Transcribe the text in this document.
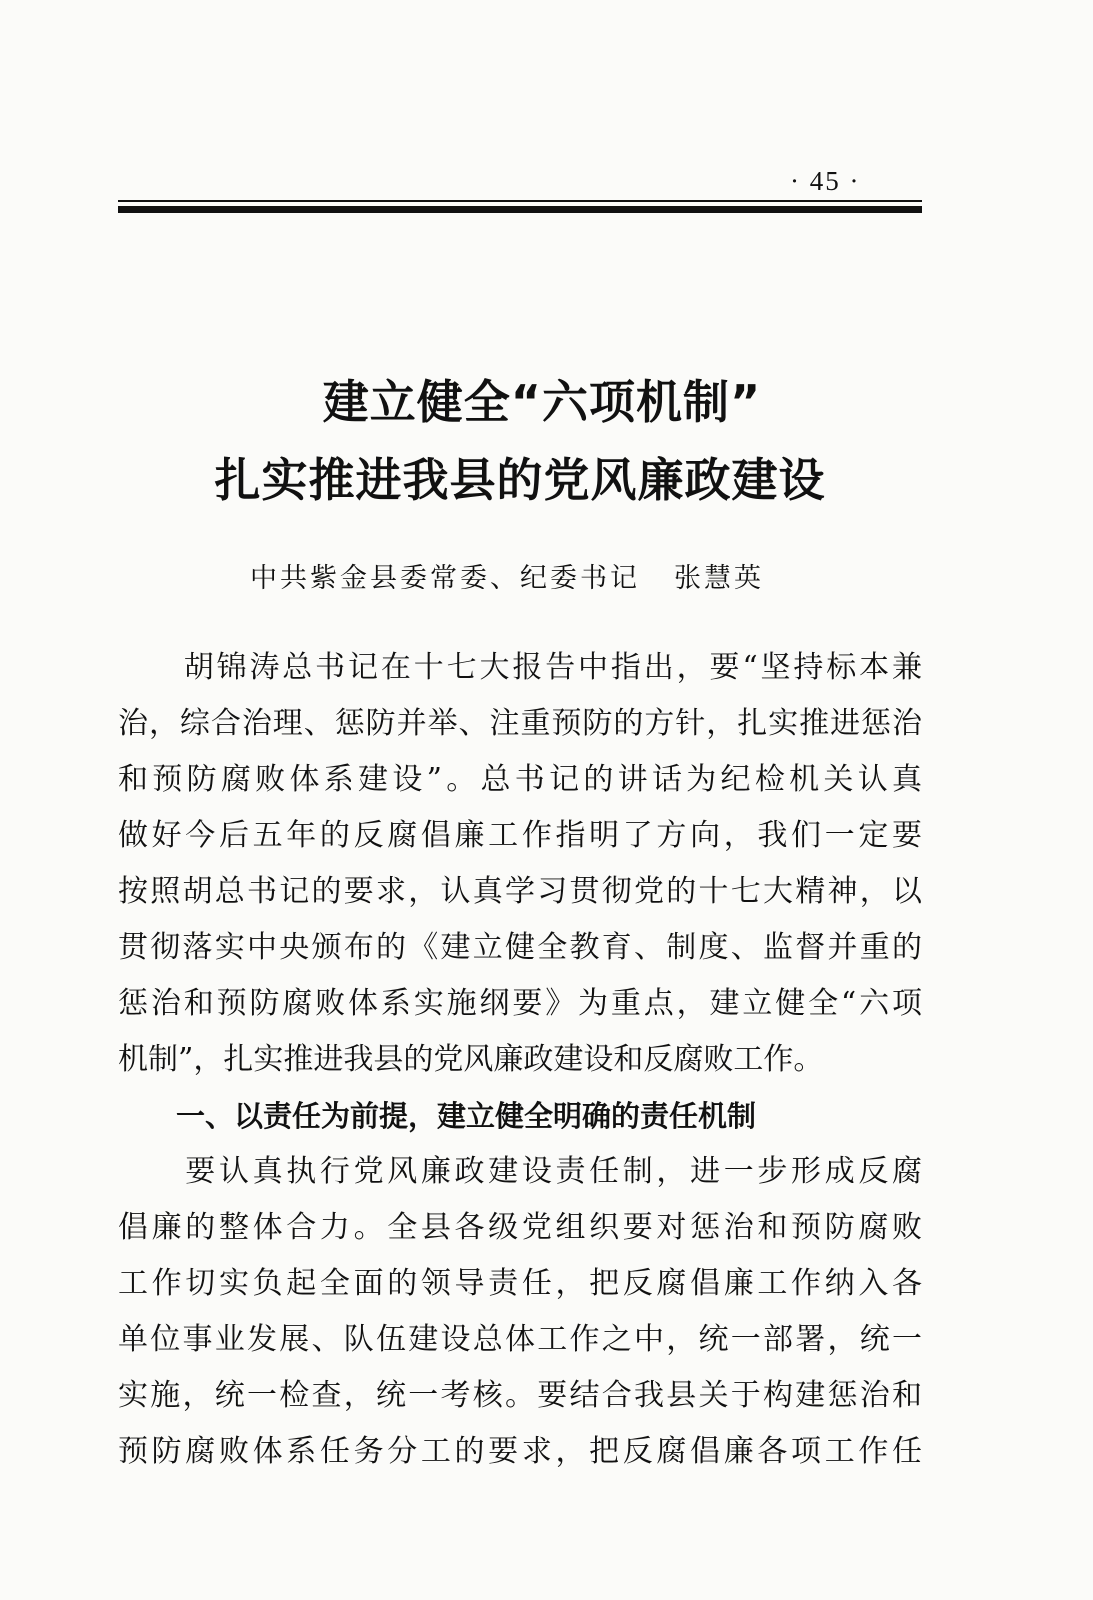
· 45 ·
建立健全“六项机制”
扎实推进我县的党风廉政建设
中共紫金县委常委、纪委书记 张慧英
　　胡锦涛总书记在十七大报告中指出，要“坚持标本兼
治，综合治理、惩防并举、注重预防的方针，扎实推进惩治
和预防腐败体系建设”。总书记的讲话为纪检机关认真
做好今后五年的反腐倡廉工作指明了方向，我们一定要
按照胡总书记的要求，认真学习贯彻党的十七大精神，以
贯彻落实中央颁布的《建立健全教育、制度、监督并重的
惩治和预防腐败体系实施纲要》为重点，建立健全“六项
机制”，扎实推进我县的党风廉政建设和反腐败工作。
　　一、以责任为前提，建立健全明确的责任机制
　　要认真执行党风廉政建设责任制，进一步形成反腐
倡廉的整体合力。全县各级党组织要对惩治和预防腐败
工作切实负起全面的领导责任，把反腐倡廉工作纳入各
单位事业发展、队伍建设总体工作之中，统一部署，统一
实施，统一检查，统一考核。要结合我县关于构建惩治和
预防腐败体系任务分工的要求，把反腐倡廉各项工作任
